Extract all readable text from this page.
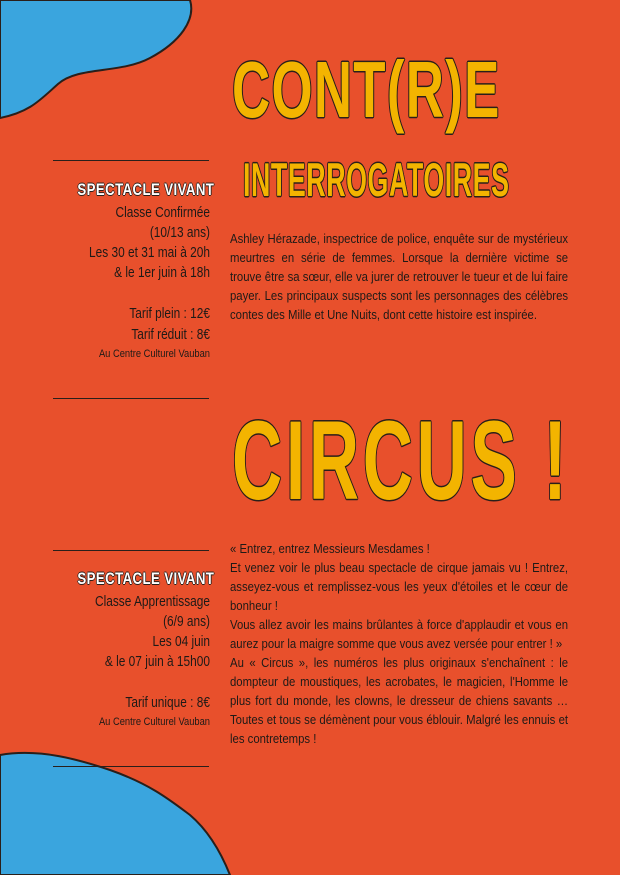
CONT(R)E
INTERROGATOIRES
SPECTACLE VIVANT
Classe Confirmée
(10/13 ans)
Les 30 et 31 mai à 20h
& le 1er juin à 18h
Tarif plein : 12€
Tarif réduit : 8€
Au Centre Culturel Vauban

Ashley Hérazade, inspectrice de police, enquête sur de mystérieux meurtres en série de femmes. Lorsque la dernière victime se trouve être sa sœur, elle va jurer de retrouver le tueur et de lui faire payer. Les principaux suspects sont les personnages des célèbres contes des Mille et Une Nuits, dont cette histoire est inspirée.

CIRCUS !
SPECTACLE VIVANT
Classe Apprentissage
(6/9 ans)
Les 04 juin
& le 07 juin à 15h00
Tarif unique : 8€
Au Centre Culturel Vauban

« Entrez, entrez Messieurs Mesdames !

Et venez voir le plus beau spectacle de cirque jamais vu ! Entrez, asseyez-vous et remplissez-vous les yeux d'étoiles et le cœur de bonheur !

Vous allez avoir les mains brûlantes à force d'applaudir et vous en aurez pour la maigre somme que vous avez versée pour entrer ! »

Au « Circus », les numéros les plus originaux s'enchaînent : le dompteur de moustiques, les acrobates, le magicien, l'Homme le plus fort du monde, les clowns, le dresseur de chiens savants … Toutes et tous se démènent pour vous éblouir. Malgré les ennuis et les contretemps !
